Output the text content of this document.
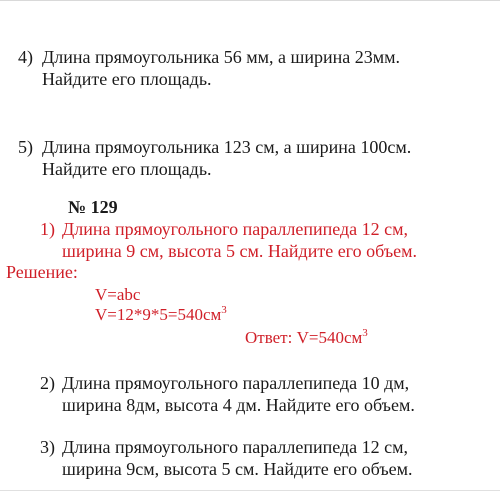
4) Длина прямоугольника 56 мм, а ширина 23мм.
Найдите его площадь.
5) Длина прямоугольника 123 см, а ширина 100см.
Найдите его площадь.
№ 129
1) Длина прямоугольного параллепипеда 12 см,
ширина 9 см, высота 5 см. Найдите его объем.
Решение:
V=abc
$V=12*9*5=540см^3$
Ответ: $V=540см^3$
2) Длина прямоугольного параллепипеда 10 дм,
ширина 8дм, высота 4 дм. Найдите его объем.
3) Длина прямоугольного параллепипеда 12 см,
ширина 9см, высота 5 см. Найдите его объем.
